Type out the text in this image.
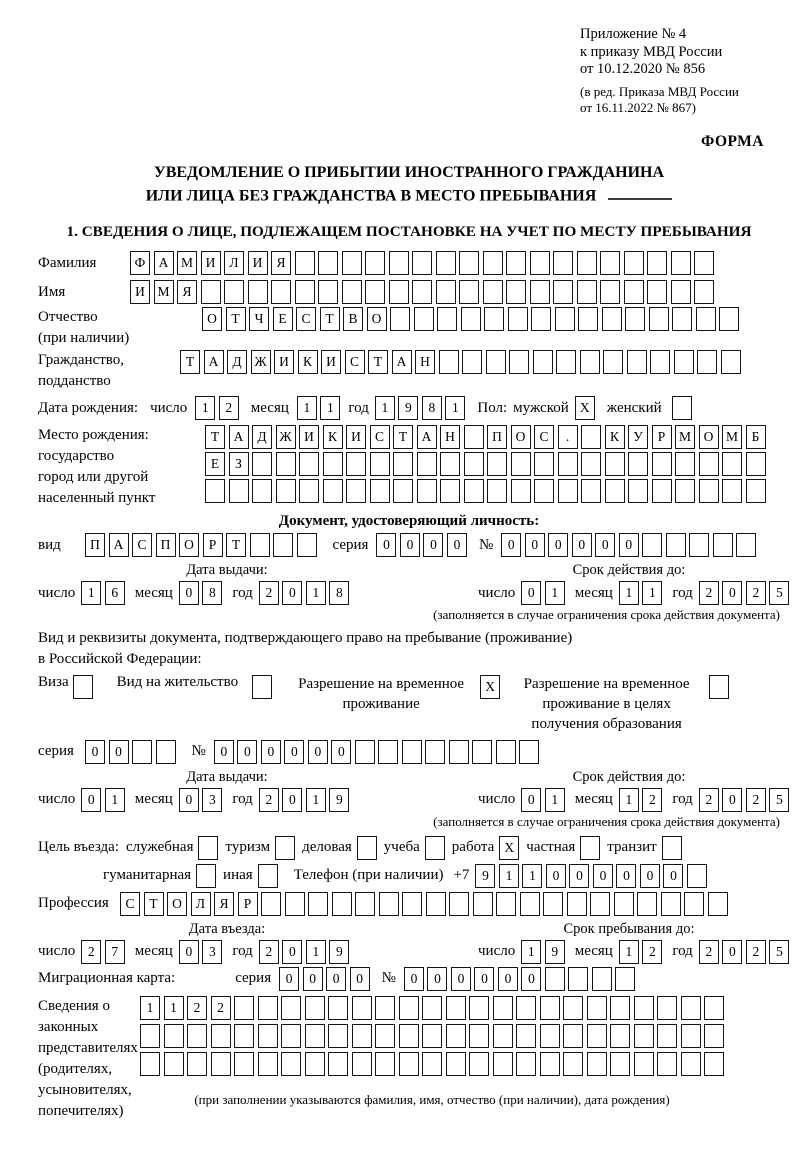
Приложение № 4
к приказу МВД России
от 10.12.2020 № 856
(в ред. Приказа МВД России
от 16.11.2022 № 867)
ФОРМА
УВЕДОМЛЕНИЕ О ПРИБЫТИИ ИНОСТРАННОГО ГРАЖДАНИНА
ИЛИ ЛИЦА БЕЗ ГРАЖДАНСТВА В МЕСТО ПРЕБЫВАНИЯ
1. СВЕДЕНИЯ О ЛИЦЕ, ПОДЛЕЖАЩЕМ ПОСТАНОВКЕ НА УЧЕТ ПО МЕСТУ ПРЕБЫВАНИЯ
Фамилия	Ф А М И	Л	И	Я
Имя	И М Я
Отчество
(при наличии)
О	Т	Ч	Е	С	Т	В	О
Гражданство,
подданство
Т	А	Д Ж И	К	И	С	Т	А	Н
Дата рождения: число	1	2	месяц	1	1 год 1	9	8	1	Пол: мужской X	женский
Место рождения:
государство
город или другой
населенный пункт
Т	А	Д Ж И	К	И	С	Т	А	Н	П	О	С	.	К	У	Р	М О М	Б
Е	З
Документ, удостоверяющий личность:
вид	П	А	С	П	О	Р	Т	серия	0	0	0	0	№	0	0	0	0	0	0
Дата выдачи:
число 1	6	месяц 0	8	год 2	0	1	8
Срок действия до:
число 0	1	месяц 1	1	год 2	0	2	5
(заполняется в случае ограничения срока действия документа)
Вид и реквизиты документа, подтверждающего право на пребывание (проживание)
в Российской Федерации:
Виза	Вид на жительство	Разрешение на временное проживание
X	Разрешение на временное проживание в целях получения образования
серия	0	0	№	0	0	0	0	0	0
Дата выдачи:
число 0	1	месяц 0	3	год 2	0	1	9
Срок действия до:
число 0	1	месяц 1	2	год 2	0	2	5
(заполняется в случае ограничения срока действия документа)
Цель въезда: служебная туризм деловая учеба работа X частная транзит
гуманитарная иная	Телефон (при наличии) +7 9	1	1	0	0	0	0	0	0
Профессия	С	Т	О	Л	Я	Р
Дата въезда:
число 2	7	месяц 0	3	год 2	0	1	9
Срок пребывания до:
число 1	9	месяц 1	2	год 2	0	2	5
Миграционная карта:	серия	0	0	0	0	№	0	0	0	0	0	0
Сведения о
законных
представителях
(родителях,
усыновителях,
попечителях)
1	1	2	2
(при заполнении указываются фамилия, имя, отчество (при наличии), дата рождения)
